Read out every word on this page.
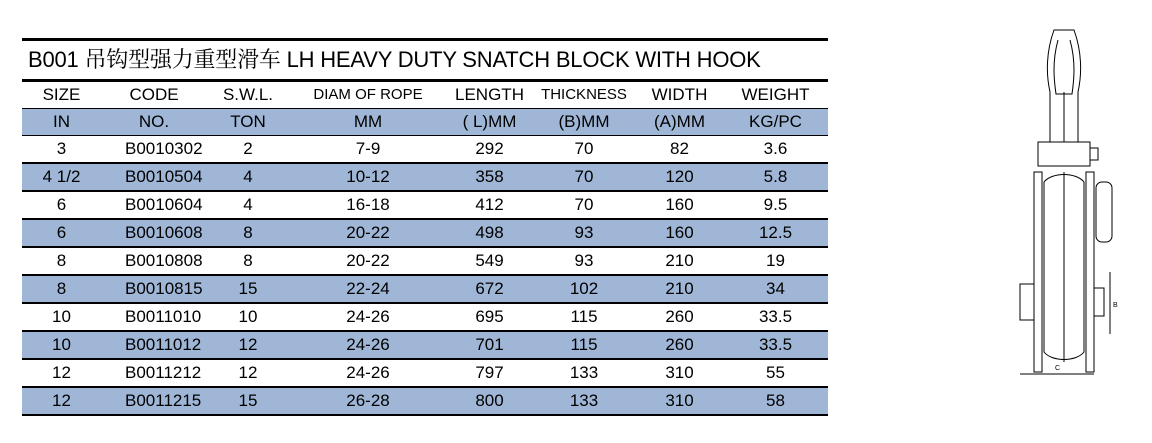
B001 吊钩型强力重型滑车 LH HEAVY DUTY SNATCH BLOCK WITH HOOK
SIZE	CODE	S.W.L.	DIAM OF ROPE	LENGTH	THICKNESS	WIDTH	WEIGHT
IN	NO.	TON	MM	( L)MM	(B)MM	(A)MM	KG/PC
3	B0010302	2	7-9	292	70	82	3.6
4 1/2	B0010504	4	10-12	358	70	120	5.8
6	B0010604	4	16-18	412	70	160	9.5
6	B0010608	8	20-22	498	93	160	12.5
8	B0010808	8	20-22	549	93	210	19
8	B0010815	15	22-24	672	102	210	34
10	B0011010	10	24-26	695	115	260	33.5
10	B0011012	12	24-26	701	115	260	33.5
12	B0011212	12	24-26	797	133	310	55
12	B0011215	15	26-28	800	133	310	58
B
C
